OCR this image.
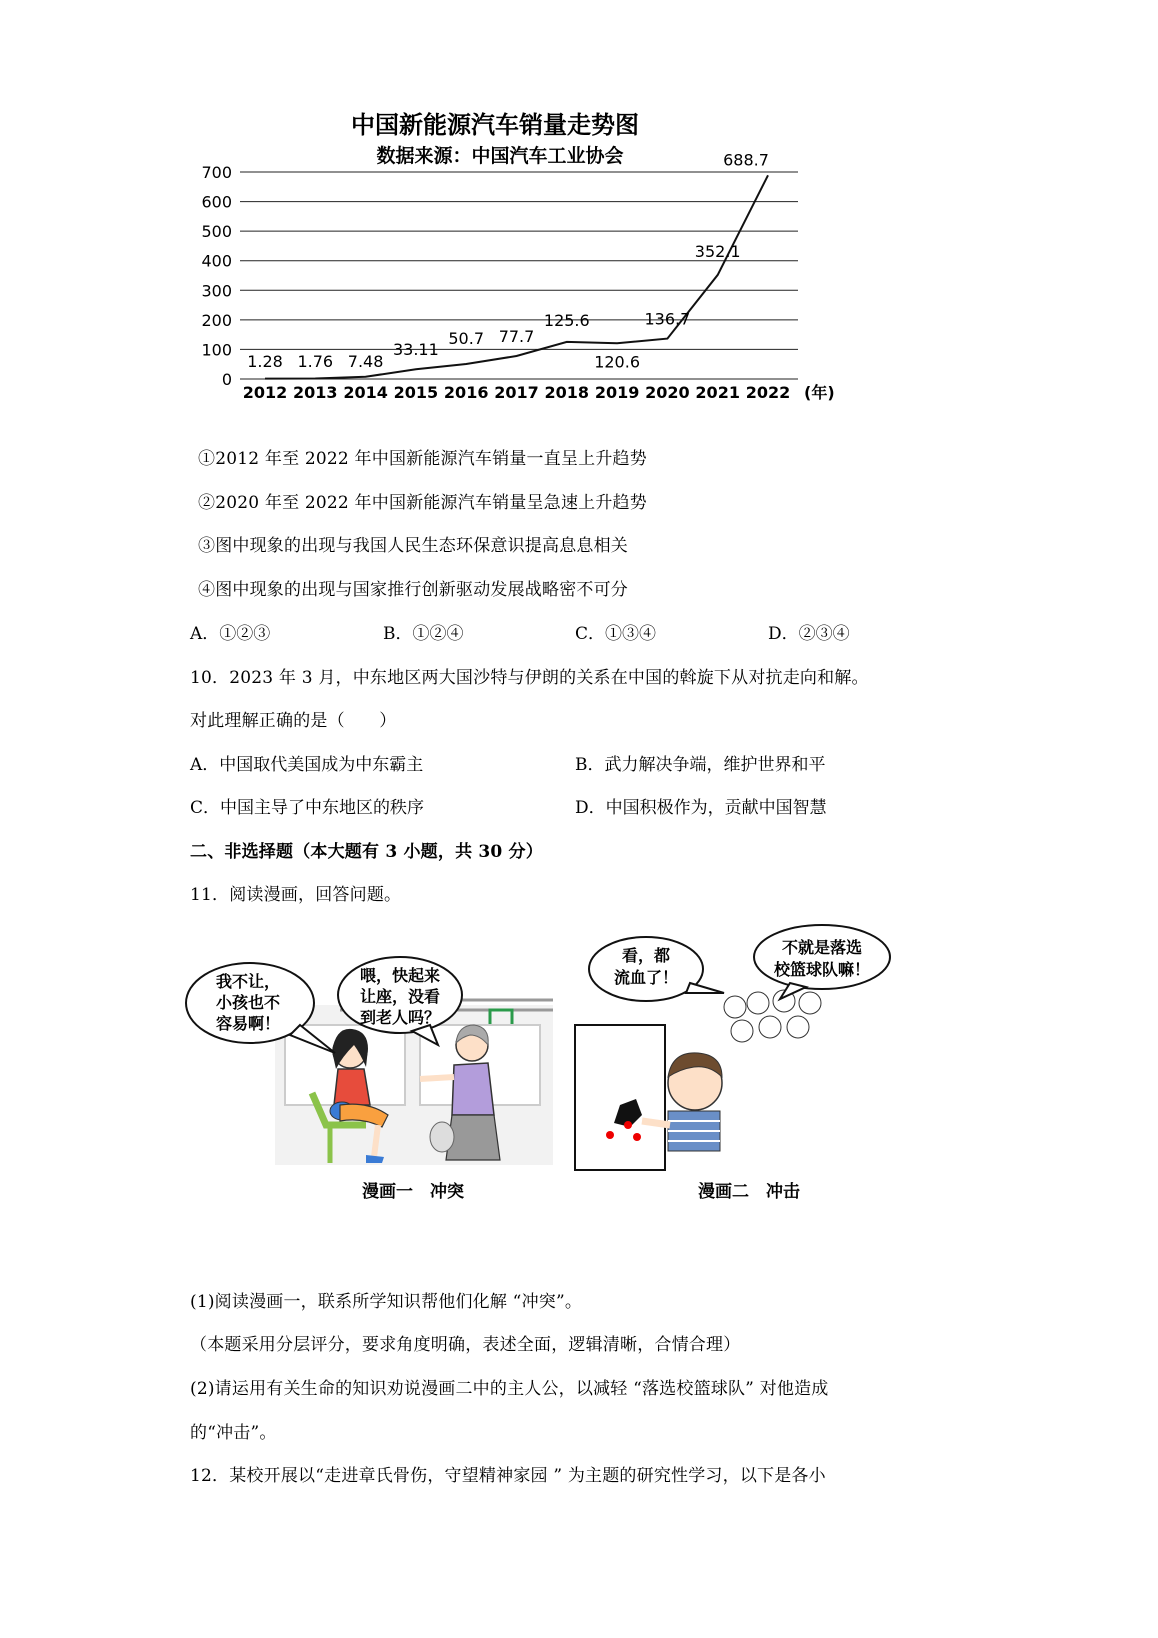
中国新能源汽车销量走势图
数据来源：中国汽车工业协会
0
100
200
300
400
500
600
700
2012 2013 2014 2015 2016 2017 2018 2019 2020 2021 2022
1.28 1.76 7.48
33.11
50.7 77.7
125.6
120.6
136.7
352.1
688.7
(年)
①2012 年至 2022 年中国新能源汽车销量一直呈上升趋势
②2020 年至 2022 年中国新能源汽车销量呈急速上升趋势
③图中现象的出现与我国人民生态环保意识提高息息相关
④图中现象的出现与国家推行创新驱动发展战略密不可分
A．①②③	B．①②④	C．①③④	D．②③④
10．2023 年 3 月，中东地区两大国沙特与伊朗的关系在中国的斡旋下从对抗走向和解。
对此理解正确的是（　　）
A．中国取代美国成为中东霸主	B．武力解决争端，维护世界和平
C．中国主导了中东地区的秩序	D．中国积极作为，贡献中国智慧
二、非选择题（本大题有 3 小题，共 30 分）
11．阅读漫画，回答问题。
我不让，
小孩也不
容易啊！
喂，快起来
让座，没看
到老人吗？
漫画一　冲突
看，都
流血了！
不就是落选
校篮球队嘛！
漫画二　冲击
(1)阅读漫画一，联系所学知识帮他们化解 “冲突”。
（本题采用分层评分，要求角度明确，表述全面，逻辑清晰，合情合理）
(2)请运用有关生命的知识劝说漫画二中的主人公，以减轻 “落选校篮球队” 对他造成
的“冲击”。
12．某校开展以“走进章氏骨伤，守望精神家园 ” 为主题的研究性学习，以下是各小
